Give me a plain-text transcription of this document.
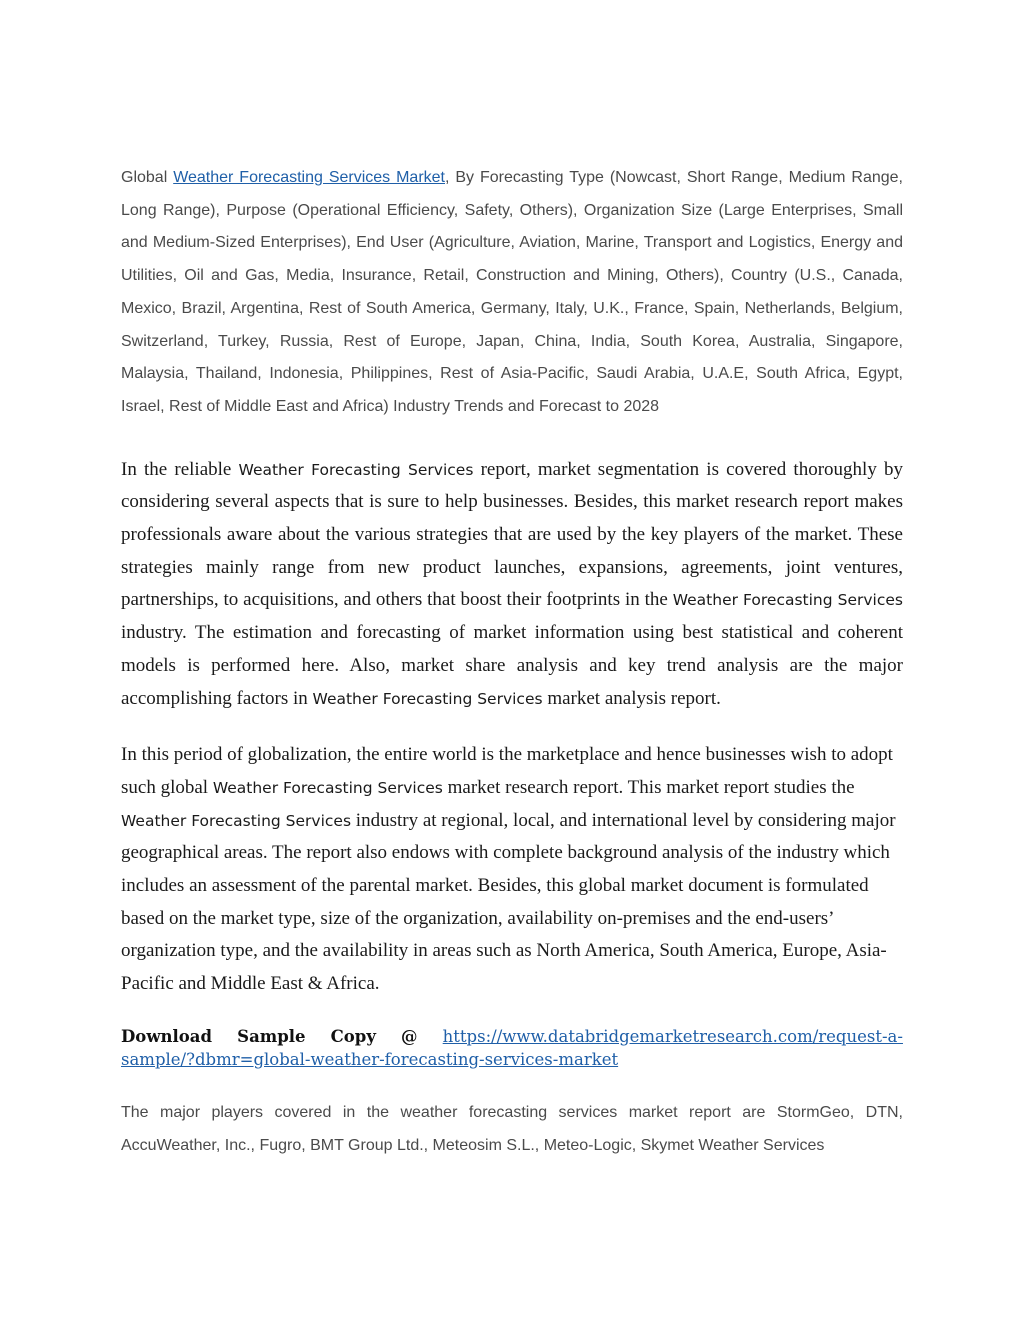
Global Weather Forecasting Services Market, By Forecasting Type (Nowcast, Short Range, Medium Range, Long Range), Purpose (Operational Efficiency, Safety, Others), Organization Size (Large Enterprises, Small and Medium-Sized Enterprises), End User (Agriculture, Aviation, Marine, Transport and Logistics, Energy and Utilities, Oil and Gas, Media, Insurance, Retail, Construction and Mining, Others), Country (U.S., Canada, Mexico, Brazil, Argentina, Rest of South America, Germany, Italy, U.K., France, Spain, Netherlands, Belgium, Switzerland, Turkey, Russia, Rest of Europe, Japan, China, India, South Korea, Australia, Singapore, Malaysia, Thailand, Indonesia, Philippines, Rest of Asia-Pacific, Saudi Arabia, U.A.E, South Africa, Egypt, Israel, Rest of Middle East and Africa) Industry Trends and Forecast to 2028

In the reliable Weather Forecasting Services report, market segmentation is covered thoroughly by considering several aspects that is sure to help businesses. Besides, this market research report makes professionals aware about the various strategies that are used by the key players of the market. These strategies mainly range from new product launches, expansions, agreements, joint ventures, partnerships, to acquisitions, and others that boost their footprints in the Weather Forecasting Services industry. The estimation and forecasting of market information using best statistical and coherent models is performed here. Also, market share analysis and key trend analysis are the major accomplishing factors in Weather Forecasting Services market analysis report.

In this period of globalization, the entire world is the marketplace and hence businesses wish to adopt such global Weather Forecasting Services market research report. This market report studies the Weather Forecasting Services industry at regional, local, and international level by considering major geographical areas. The report also endows with complete background analysis of the industry which includes an assessment of the parental market. Besides, this global market document is formulated based on the market type, size of the organization, availability on-premises and the end-users’ organization type, and the availability in areas such as North America, South America, Europe, Asia-Pacific and Middle East & Africa.

Download Sample Copy @ https://www.databridgemarketresearch.com/request-a-
sample/?dbmr=global-weather-forecasting-services-market

The major players covered in the weather forecasting services market report are StormGeo, DTN, AccuWeather, Inc., Fugro, BMT Group Ltd., Meteosim S.L., Meteo-Logic, Skymet Weather Services
